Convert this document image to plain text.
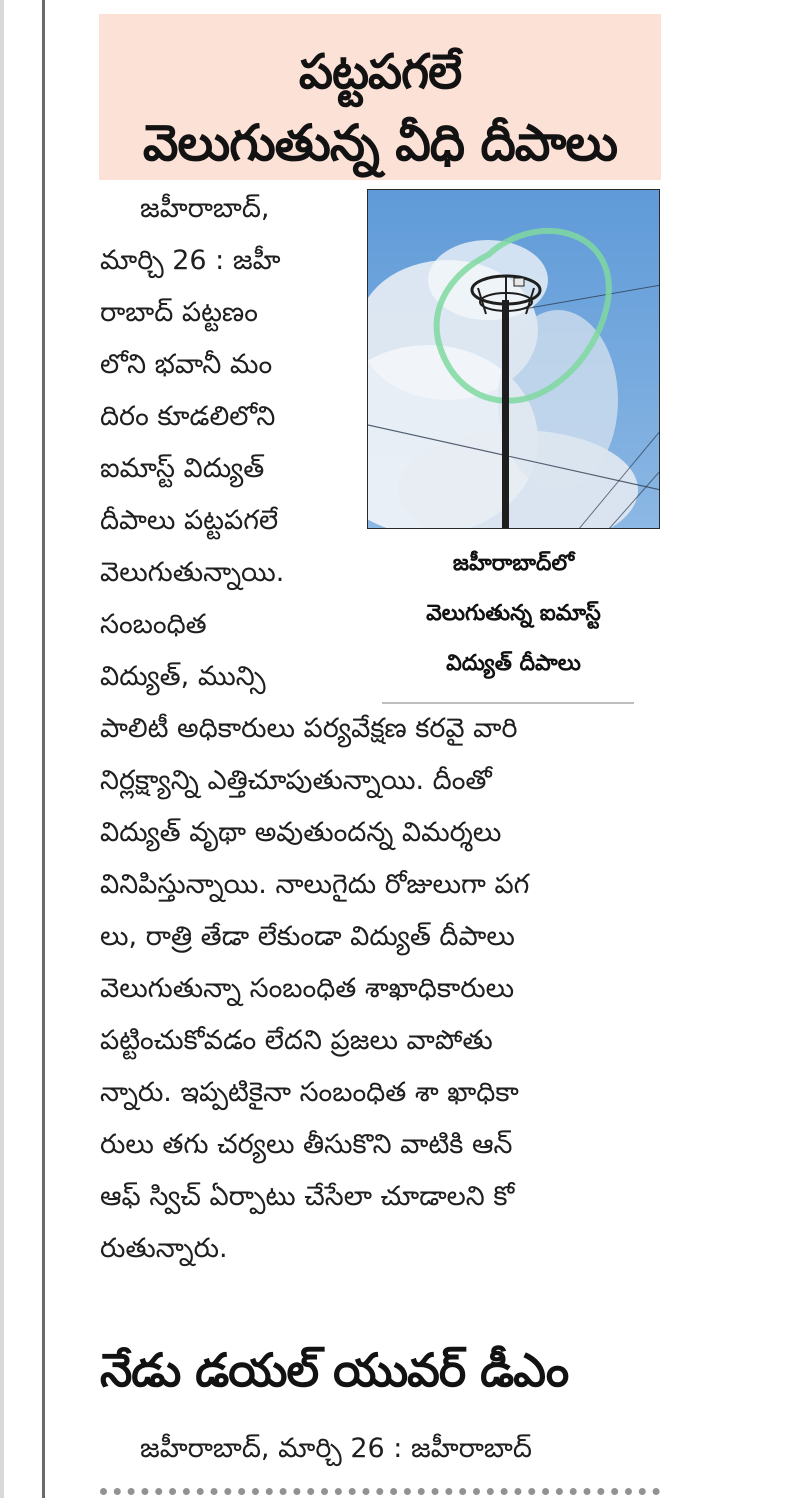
పట్టపగలే
వెలుగుతున్న వీధి దీపాలు
జహీరాబాద్‌లో
వెలుగుతున్న ఐమాస్ట్
విద్యుత్ దీపాలు
జహీరాబాద్,
మార్చి 26 : జహీ
రాబాద్ పట్టణం
లోని భవానీ మం
దిరం కూడలిలోని
ఐమాస్ట్ విద్యుత్
దీపాలు పట్టపగలే
వెలుగుతున్నాయి.
సంబంధిత
విద్యుత్, మున్సి
పాలిటీ అధికారులు పర్యవేక్షణ కరవై వారి
నిర్లక్ష్యాన్ని ఎత్తిచూపుతున్నాయి. దీంతో
విద్యుత్ వృథా అవుతుందన్న విమర్శలు
వినిపిస్తున్నాయి. నాలుగైదు రోజులుగా పగ
లు, రాత్రి తేడా లేకుండా విద్యుత్ దీపాలు
వెలుగుతున్నా సంబంధిత శాఖాధికారులు
పట్టించుకోవడం లేదని ప్రజలు వాపోతు
న్నారు. ఇప్పటికైనా సంబంధిత శా ఖాధికా
రులు తగు చర్యలు తీసుకొని వాటికి ఆన్
ఆఫ్ స్విచ్ ఏర్పాటు చేసేలా చూడాలని కో
రుతున్నారు.
నేడు డయల్ యువర్ డీఎం
జహీరాబాద్, మార్చి 26 : జహీరాబాద్
